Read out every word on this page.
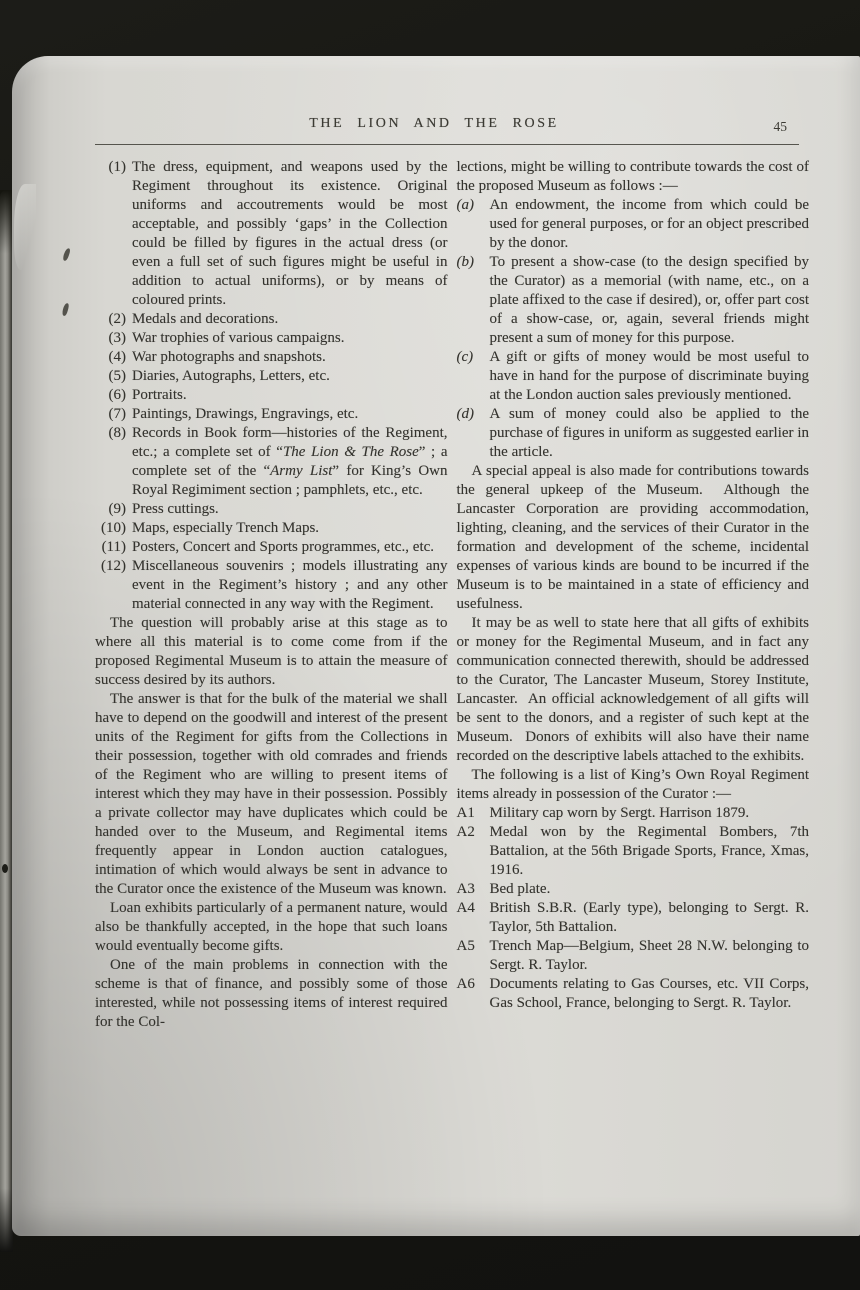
THE LION AND THE ROSE	45
(1) The dress, equipment, and weapons used by the Regiment throughout its existence. Original uniforms and accoutrements would be most acceptable, and possibly ‘gaps’ in the Collection could be filled by figures in the actual dress (or even a full set of such figures might be useful in addition to actual uniforms), or by means of coloured prints.
(2) Medals and decorations.
(3) War trophies of various campaigns.
(4) War photographs and snapshots.
(5) Diaries, Autographs, Letters, etc.
(6) Portraits.
(7) Paintings, Drawings, Engravings, etc.
(8) Records in Book form—histories of the Regiment, etc.; a complete set of “The Lion & The Rose” ; a complete set of the “Army List” for King’s Own Royal Regimiment section ; pamphlets, etc., etc.
(9) Press cuttings.
(10) Maps, especially Trench Maps.
(11) Posters, Concert and Sports programmes, etc., etc.
(12) Miscellaneous souvenirs ; models illustrating any event in the Regiment’s history ; and any other material connected in any way with the Regiment.

The question will probably arise at this stage as to where all this material is to come come from if the proposed Regimental Museum is to attain the measure of success desired by its authors.

The answer is that for the bulk of the material we shall have to depend on the goodwill and interest of the present units of the Regiment for gifts from the Collections in their possession, together with old comrades and friends of the Regiment who are willing to present items of interest which they may have in their possession. Possibly a private collector may have duplicates which could be handed over to the Museum, and Regimental items frequently appear in London auction catalogues, intimation of which would always be sent in advance to the Curator once the existence of the Museum was known.

Loan exhibits particularly of a permanent nature, would also be thankfully accepted, in the hope that such loans would eventually become gifts.

One of the main problems in connection with the scheme is that of finance, and possibly some of those interested, while not possessing items of interest required for the Col-

lections, might be willing to contribute towards the cost of the proposed Museum as follows :—

(a)	An endowment, the income from which could be used for general purposes, or for an object prescribed by the donor.
(b)	To present a show-case (to the design specified by the Curator) as a memorial (with name, etc., on a plate affixed to the case if desired), or, offer part cost of a show-case, or, again, several friends might present a sum of money for this purpose.
(c)	A gift or gifts of money would be most useful to have in hand for the purpose of discriminate buying at the London auction sales previously mentioned.
(d)	A sum of money could also be applied to the purchase of figures in uniform as suggested earlier in the article.

A special appeal is also made for contributions towards the general upkeep of the Museum.  Although the Lancaster Corporation are providing accommodation, lighting, cleaning, and the services of their Curator in the formation and development of the scheme, incidental expenses of various kinds are bound to be incurred if the Museum is to be maintained in a state of efficiency and usefulness.

It may be as well to state here that all gifts of exhibits or money for the Regimental Museum, and in fact any communication connected therewith, should be addressed to the Curator, The Lancaster Museum, Storey Institute, Lancaster.  An official acknowledgement of all gifts will be sent to the donors, and a register of such kept at the Museum.  Donors of exhibits will also have their name recorded on the descriptive labels attached to the exhibits.

The following is a list of King’s Own Royal Regiment items already in possession of the Curator :—

A1 Military cap worn by Sergt. Harrison 1879.
A2 Medal won by the Regimental Bombers, 7th Battalion, at the 56th Brigade Sports, France, Xmas, 1916.
A3 Bed plate.
A4 British S.B.R. (Early type), belonging to Sergt. R. Taylor, 5th Battalion.
A5 Trench Map—Belgium, Sheet 28 N.W. belonging to Sergt. R. Taylor.
A6 Documents relating to Gas Courses, etc. VII Corps, Gas School, France, belonging to Sergt. R. Taylor.
